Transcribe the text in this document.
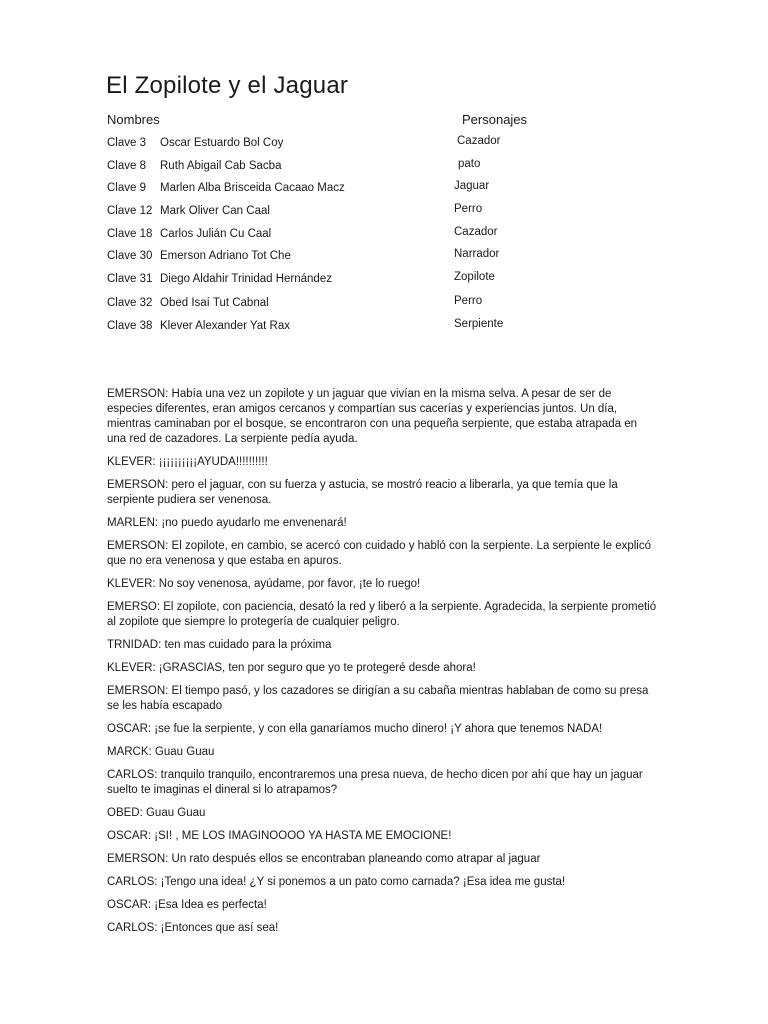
El Zopilote y el Jaguar
Nombres	Personajes
Clave 3 Oscar Estuardo Bol Coy	Cazador
Clave 8 Ruth Abigail Cab Sacba	pato
Clave 9 Marlen Alba Brisceida Cacaao Macz	Jaguar
Clave 12 Mark Oliver Can Caal	Perro
Clave 18 Carlos Julián Cu Caal	Cazador
Clave 30 Emerson Adriano Tot Che	Narrador
Clave 31 Diego Aldahir Trinidad Hernández	Zopilote
Clave 32 Obed Isaí Tut Cabnal	Perro
Clave 38 Klever Alexander Yat Rax	Serpiente

EMERSON: Había una vez un zopilote y un jaguar que vivían en la misma selva. A pesar de ser de especies diferentes, eran amigos cercanos y compartían sus cacerías y experiencias juntos. Un día, mientras caminaban por el bosque, se encontraron con una pequeña serpiente, que estaba atrapada en una red de cazadores. La serpiente pedía ayuda.

KLEVER: ¡¡¡¡¡¡¡¡¡¡AYUDA!!!!!!!!!!

EMERSON: pero el jaguar, con su fuerza y astucia, se mostró reacio a liberarla, ya que temía que la serpiente pudiera ser venenosa.

MARLEN: ¡no puedo ayudarlo me envenenará!

EMERSON: El zopilote, en cambio, se acercó con cuidado y habló con la serpiente. La serpiente le explicó que no era venenosa y que estaba en apuros.

KLEVER: No soy venenosa, ayúdame, por favor, ¡te lo ruego!

EMERSO: El zopilote, con paciencia, desató la red y liberó a la serpiente. Agradecida, la serpiente prometió al zopilote que siempre lo protegería de cualquier peligro.

TRNIDAD: ten mas cuidado para la próxima

KLEVER: ¡GRASCIAS, ten por seguro que yo te protegeré desde ahora!

EMERSON: El tiempo pasó, y los cazadores se dirigían a su cabaña mientras hablaban de como su presa se les había escapado

OSCAR: ¡se fue la serpiente, y con ella ganaríamos mucho dinero! ¡Y ahora que tenemos NADA!

MARCK: Guau Guau

CARLOS: tranquilo tranquilo, encontraremos una presa nueva, de hecho dicen por ahí que hay un jaguar suelto te imaginas el dineral si lo atrapamos?

OBED: Guau Guau

OSCAR: ¡SI! , ME LOS IMAGINOOOO YA HASTA ME EMOCIONE!

EMERSON: Un rato después ellos se encontraban planeando como atrapar al jaguar

CARLOS: ¡Tengo una idea! ¿Y si ponemos a un pato como carnada? ¡Esa idea me gusta!

OSCAR: ¡Esa Idea es perfecta!

CARLOS: ¡Entonces que así sea!
